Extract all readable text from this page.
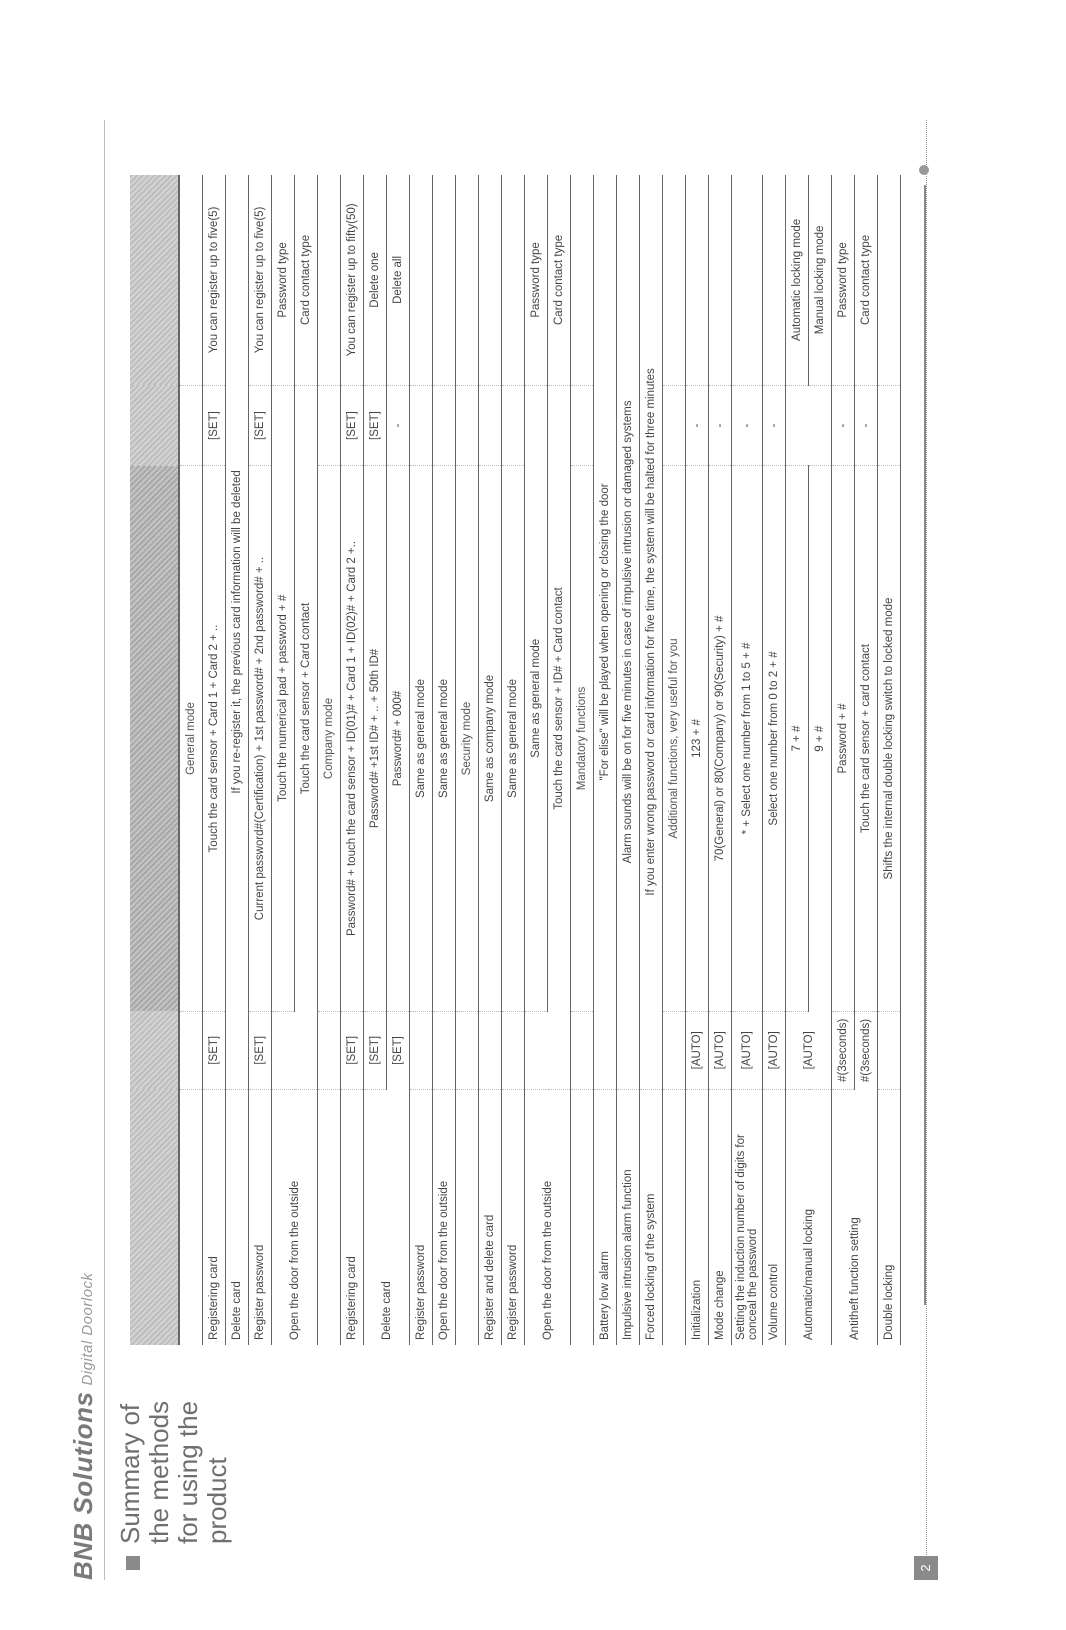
BNB SolutionsDigital Doorlock
Summary of the methods for using the product

		General mode		
Registering card	[SET]	Touch the card sensor + Card 1 + Card 2 + ..	[SET]	You can register up to five(5)
Delete card	If you re-register it, the previous card information will be deleted			
Register password	[SET]	Current password#(Certification) + 1st password# + 2nd password# + ..	[SET]	You can register up to five(5)
Open the door from the outside		Touch the numerical pad + password + #		Password type
		Touch the card sensor + Card contact		Card contact type
		Company mode		
Registering card	[SET]	Password# + touch the card sensor + ID(01)# + Card 1 + ID(02)# + Card 2 +..	[SET]	You can register up to fifty(50)
Delete card	[SET]	Password# +1st ID# + .. + 50th ID#	[SET]	Delete one
	[SET]	Password# + 000#	-	Delete all
Register password		Same as general mode		
Open the door from the outside		Same as general mode		
		Security mode		
Register and delete card		Same as company mode		
Register password		Same as general mode		
Open the door from the outside		Same as general mode		Password type
		Touch the card sensor + ID# + Card contact		Card contact type
		Mandatory functions		
Battery low alarm	"For elise" will be played when opening or closing the door			
Impulsive intrusion alarm function	Alarm sounds will be on for five minutes in case of impulsive intrusion or damaged systems			
Forced locking of the system	If you enter wrong password or card information for five time, the system will be halted for three minutes			
		Additional functions, very useful for you		
Initialization	[AUTO]	123 + #	-	
Mode change	[AUTO]	70(General) or 80(Company) or 90(Security) + #	-	
Setting the induction number of digits for conceal the password	[AUTO]	* + Select one number from 1 to 5 + #	-	
Volume control	[AUTO]	Select one number from 0 to 2 + #	-	
Automatic/manual locking	[AUTO]	7 + #		Automatic locking mode
		9 + #		Manual locking mode
Antitheft function setting	#(3seconds)	Password + #	-	Password type
	#(3seconds)	Touch the card sensor + card contact	-	Card contact type
Double locking		Shifts the internal double locking switch to locked mode		
2
